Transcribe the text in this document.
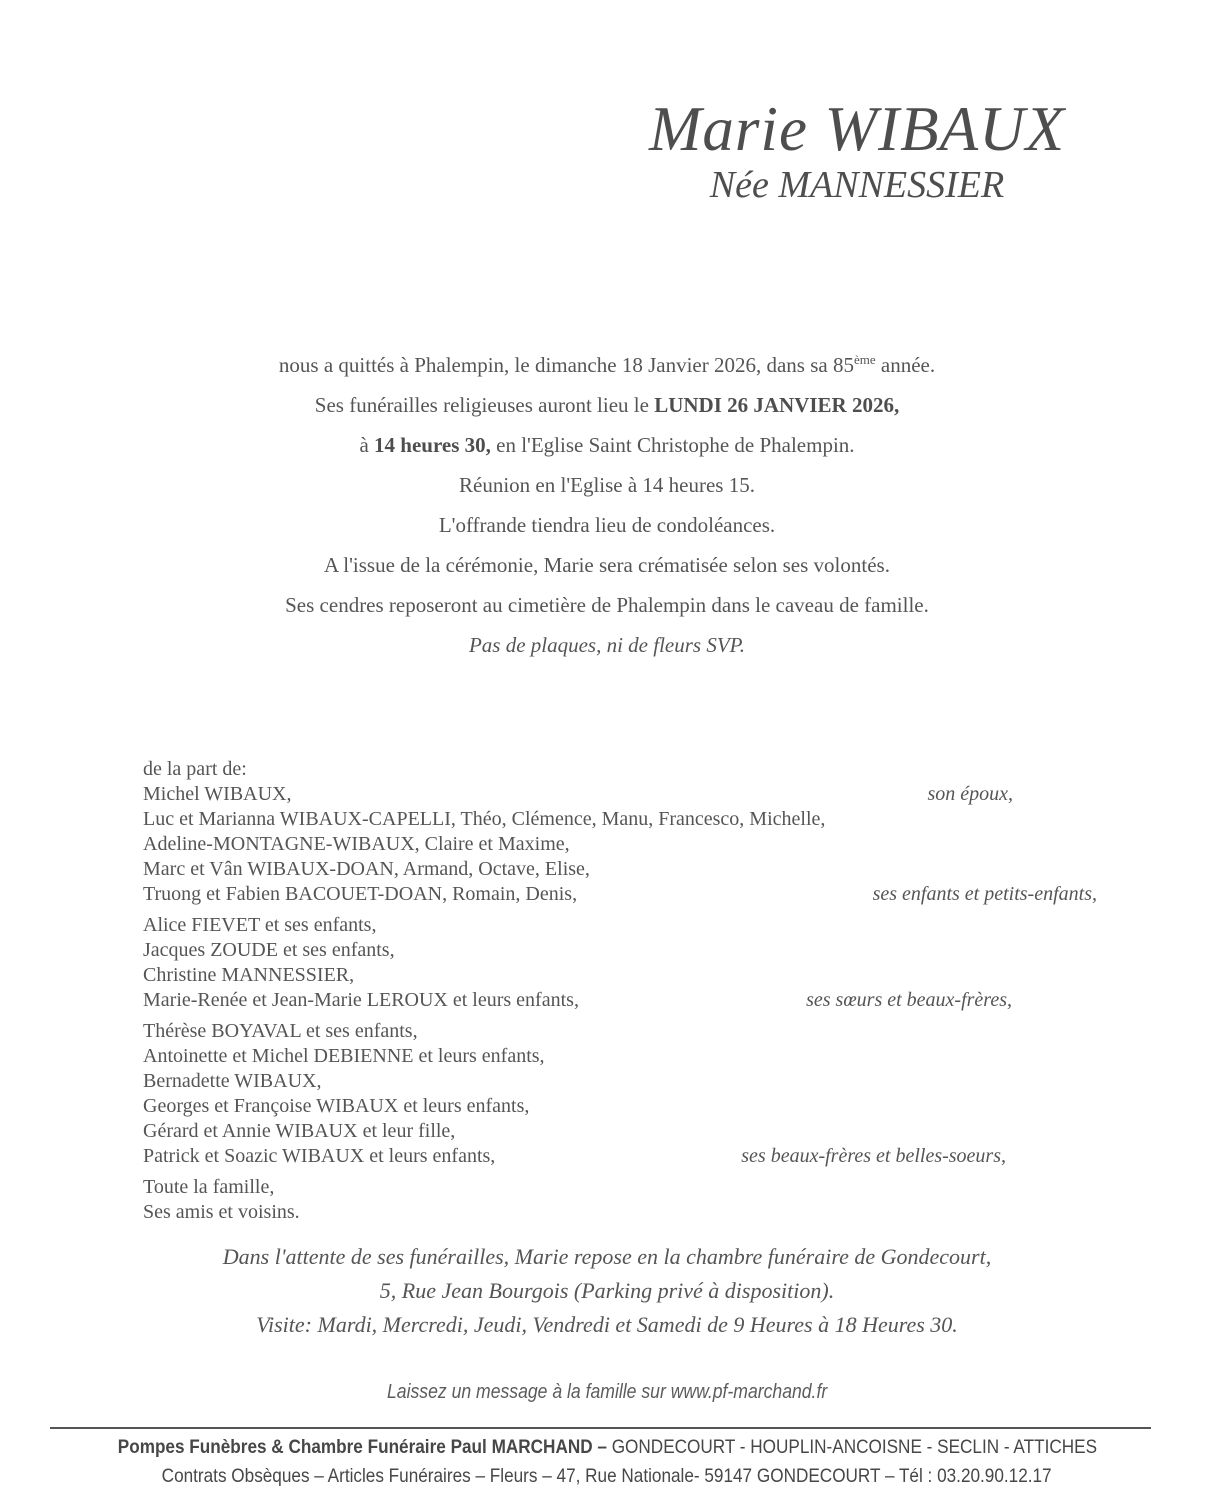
Marie WIBAUX
Née MANNESSIER
nous a quittés à Phalempin, le dimanche 18 Janvier 2026, dans sa 85ème année.
Ses funérailles religieuses auront lieu le LUNDI 26 JANVIER 2026,
à 14 heures 30, en l'Eglise Saint Christophe de Phalempin.
Réunion en l'Eglise à 14 heures 15.
L'offrande tiendra lieu de condoléances.
A l'issue de la cérémonie, Marie sera crématisée selon ses volontés.
Ses cendres reposeront au cimetière de Phalempin dans le caveau de famille.
Pas de plaques, ni de fleurs SVP.
de la part de:
Michel WIBAUX,	son époux,
Luc et Marianna WIBAUX-CAPELLI, Théo, Clémence, Manu, Francesco, Michelle,
Adeline-MONTAGNE-WIBAUX, Claire et Maxime,
Marc et Vân WIBAUX-DOAN, Armand, Octave, Elise,
Truong et Fabien BACOUET-DOAN, Romain, Denis,	ses enfants et petits-enfants,
Alice FIEVET et ses enfants,
Jacques ZOUDE et ses enfants,
Christine MANNESSIER,
Marie-Renée et Jean-Marie LEROUX et leurs enfants,	ses sœurs et beaux-frères,
Thérèse BOYAVAL et ses enfants,
Antoinette et Michel DEBIENNE et leurs enfants,
Bernadette WIBAUX,
Georges et Françoise WIBAUX et leurs enfants,
Gérard et Annie WIBAUX et leur fille,
Patrick et Soazic WIBAUX et leurs enfants,	ses beaux-frères et belles-soeurs,
Toute la famille,
Ses amis et voisins.
Dans l'attente de ses funérailles, Marie repose en la chambre funéraire de Gondecourt,
5, Rue Jean Bourgois (Parking privé à disposition).
Visite: Mardi, Mercredi, Jeudi, Vendredi et Samedi de 9 Heures à 18 Heures 30.
Laissez un message à la famille sur www.pf-marchand.fr
Pompes Funèbres & Chambre Funéraire Paul MARCHAND – GONDECOURT - HOUPLIN-ANCOISNE - SECLIN - ATTICHES
Contrats Obsèques – Articles Funéraires – Fleurs – 47, Rue Nationale- 59147 GONDECOURT – Tél : 03.20.90.12.17
